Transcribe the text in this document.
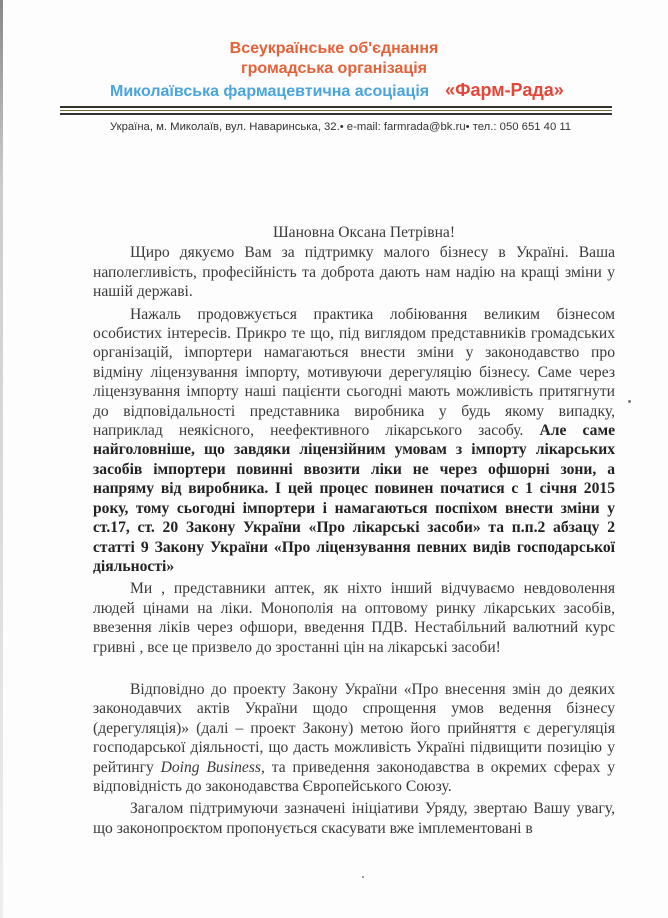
Всеукраїнське об'єднання
громадська організація
Миколаївська фармацевтична асоціація «Фарм-Рада»
Україна, м. Миколаїв, вул. Наваринська, 32.• e-mail: farmrada@bk.ru• тел.: 050 651 40 11
Шановна Оксана Петрівна!
Щиро дякуємо Вам за підтримку малого бізнесу в Україні. Ваша
наполегливість, професійність та доброта дають нам надію на кращі зміни у
нашій державі.
Нажаль продовжується практика лобіювання великим бізнесом
особистих інтересів. Прикро те що, під виглядом представників громадських
організацій, імпортери намагаються внести зміни у законодавство про
відміну ліцензування імпорту, мотивуючи дерегуляцію бізнесу. Саме через
ліцензування імпорту наші пацієнти сьогодні мають можливість притягнути
до відповідальності представника виробника у будь якому випадку,
наприклад неякісного, неефективного лікарського засобу. Але саме
найголовніше, що завдяки ліцензійним умовам з імпорту лікарських
засобів імпортери повинні ввозити ліки не через офшорні зони, а
напряму від виробника. І цей процес повинен початися с 1 січня 2015
року, тому сьогодні імпортери і намагаються поспіхом внести зміни у
ст.17, ст. 20 Закону України «Про лікарські засоби» та п.п.2 абзацу 2
статті 9 Закону України «Про ліцензування певних видів господарської
діяльності»
Ми , представники аптек, як ніхто інший відчуваємо невдоволення
людей цінами на ліки. Монополія на оптовому ринку лікарських засобів,
ввезення ліків через офшори, введення ПДВ. Нестабільний валютний курс
гривні , все це призвело до зростанні цін на лікарські засоби!
Відповідно до проекту Закону України «Про внесення змін до деяких
законодавчих актів України щодо спрощення умов ведення бізнесу
(дерегуляція)» (далі – проект Закону) метою його прийняття є дерегуляція
господарської діяльності, що дасть можливість Україні підвищити позицію у
рейтингу Doing Business, та приведення законодавства в окремих сферах у
відповідність до законодавства Європейського Союзу.
Загалом підтримуючи зазначені ініціативи Уряду, звертаю Вашу увагу,
що законопроєктом пропонується скасувати вже імплементовані в
